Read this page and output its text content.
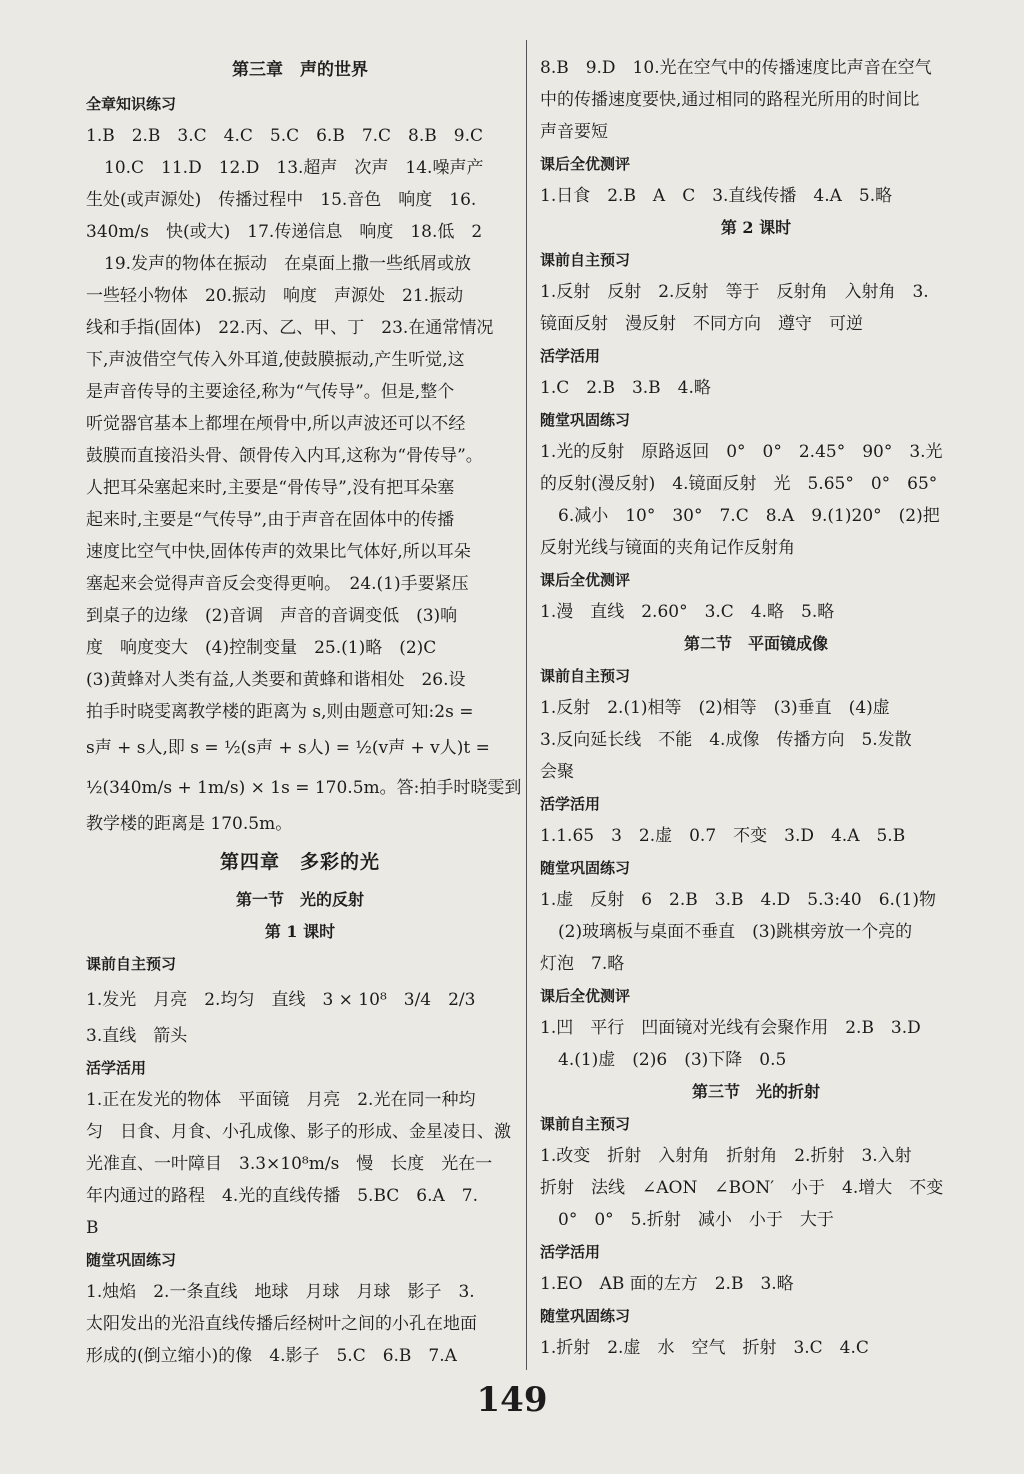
第三章　声的世界
全章知识练习
1.B　2.B　3.C　4.C　5.C　6.B　7.C　8.B　9.C
10.C　11.D　12.D　13.超声　次声　14.噪声产
生处(或声源处)　传播过程中　15.音色　响度　16.
340m/s　快(或大)　17.传递信息　响度　18.低　2
19.发声的物体在振动　在桌面上撒一些纸屑或放
一些轻小物体　20.振动　响度　声源处　21.振动
线和手指(固体)　22.丙、乙、甲、丁　23.在通常情况
下,声波借空气传入外耳道,使鼓膜振动,产生听觉,这
是声音传导的主要途径,称为“气传导”。但是,整个
听觉器官基本上都埋在颅骨中,所以声波还可以不经
鼓膜而直接沿头骨、颌骨传入内耳,这称为“骨传导”。
人把耳朵塞起来时,主要是“骨传导”,没有把耳朵塞
起来时,主要是“气传导”,由于声音在固体中的传播
速度比空气中快,固体传声的效果比气体好,所以耳朵
塞起来会觉得声音反会变得更响。　24.(1)手要紧压
到桌子的边缘　(2)音调　声音的音调变低　(3)响
度　响度变大　(4)控制变量　25.(1)略　(2)C
(3)黄蜂对人类有益,人类要和黄蜂和谐相处　26.设
拍手时晓雯离教学楼的距离为 s,则由题意可知:2s =
s声 + s人,即 s = ½(s声 + s人) = ½(v声 + v人)t =
½(340m/s + 1m/s) × 1s = 170.5m。答:拍手时晓雯到
教学楼的距离是 170.5m。
第四章　多彩的光
第一节　光的反射
第 1 课时
课前自主预习
1.发光　月亮　2.均匀　直线　3 × 10⁸　3/4　2/3
3.直线　箭头
活学活用
1.正在发光的物体　平面镜　月亮　2.光在同一种均
匀　日食、月食、小孔成像、影子的形成、金星凌日、激
光准直、一叶障目　3.3×10⁸m/s　慢　长度　光在一
年内通过的路程　4.光的直线传播　5.BC　6.A　7.
B
随堂巩固练习
1.烛焰　2.一条直线　地球　月球　月球　影子　3.
太阳发出的光沿直线传播后经树叶之间的小孔在地面
形成的(倒立缩小)的像　4.影子　5.C　6.B　7.A
8.B　9.D　10.光在空气中的传播速度比声音在空气
中的传播速度要快,通过相同的路程光所用的时间比
声音要短
课后全优测评
1.日食　2.B　A　C　3.直线传播　4.A　5.略
第 2 课时
课前自主预习
1.反射　反射　2.反射　等于　反射角　入射角　3.
镜面反射　漫反射　不同方向　遵守　可逆
活学活用
1.C　2.B　3.B　4.略
随堂巩固练习
1.光的反射　原路返回　0°　0°　2.45°　90°　3.光
的反射(漫反射)　4.镜面反射　光　5.65°　0°　65°
6.减小　10°　30°　7.C　8.A　9.(1)20°　(2)把
反射光线与镜面的夹角记作反射角
课后全优测评
1.漫　直线　2.60°　3.C　4.略　5.略
第二节　平面镜成像
课前自主预习
1.反射　2.(1)相等　(2)相等　(3)垂直　(4)虚
3.反向延长线　不能　4.成像　传播方向　5.发散
会聚
活学活用
1.1.65　3　2.虚　0.7　不变　3.D　4.A　5.B
随堂巩固练习
1.虚　反射　6　2.B　3.B　4.D　5.3:40　6.(1)物
(2)玻璃板与桌面不垂直　(3)跳棋旁放一个亮的
灯泡　7.略
课后全优测评
1.凹　平行　凹面镜对光线有会聚作用　2.B　3.D
4.(1)虚　(2)6　(3)下降　0.5
第三节　光的折射
课前自主预习
1.改变　折射　入射角　折射角　2.折射　3.入射
折射　法线　∠AON　∠BON′　小于　4.增大　不变
0°　0°　5.折射　减小　小于　大于
活学活用
1.EO　AB 面的左方　2.B　3.略
随堂巩固练习
1.折射　2.虚　水　空气　折射　3.C　4.C
149
